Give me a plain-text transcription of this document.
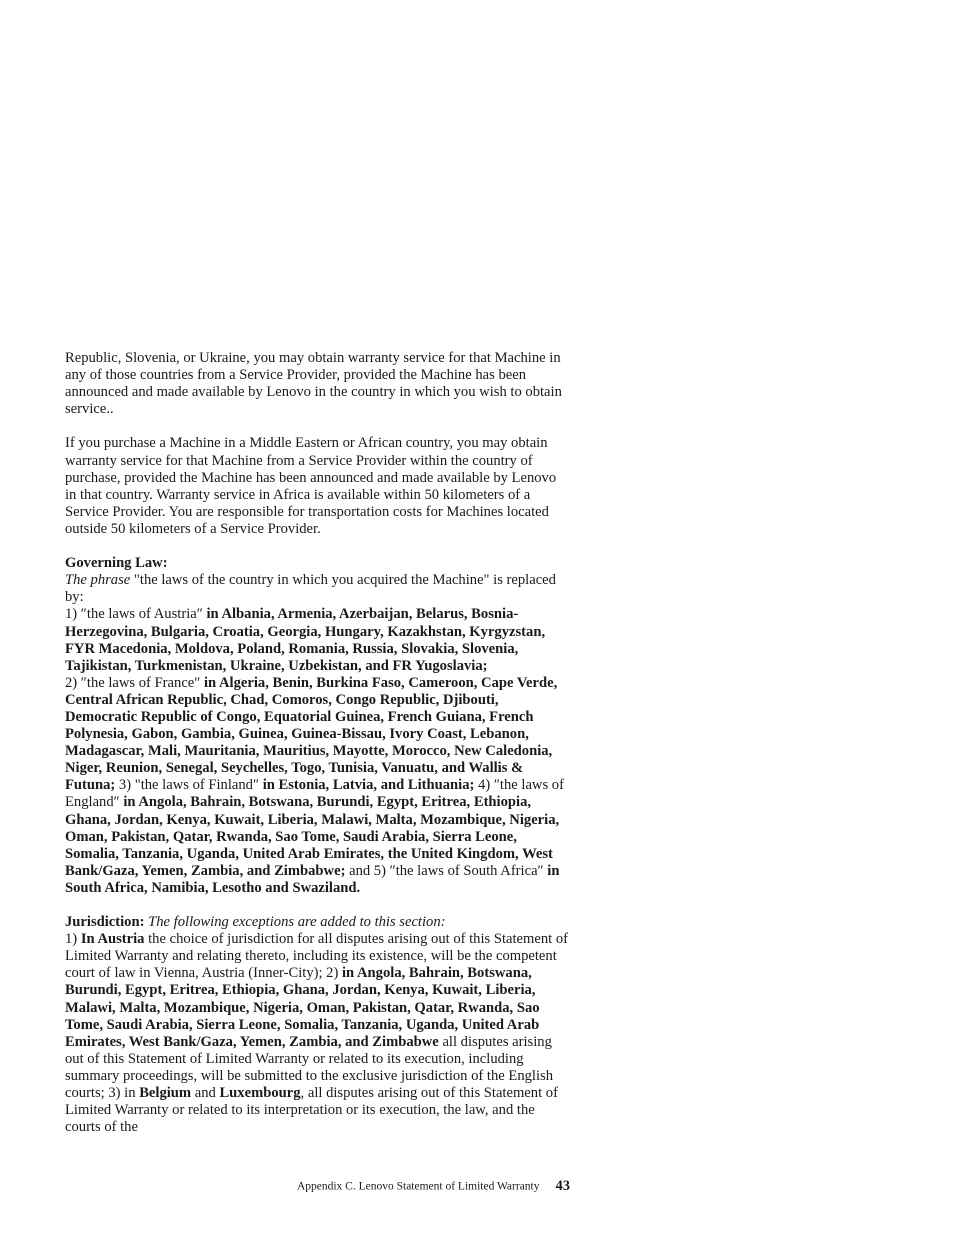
Republic, Slovenia, or Ukraine, you may obtain warranty service for that Machine in any of those countries from a Service Provider, provided the Machine has been announced and made available by Lenovo in the country in which you wish to obtain service..

If you purchase a Machine in a Middle Eastern or African country, you may obtain warranty service for that Machine from a Service Provider within the country of purchase, provided the Machine has been announced and made available by Lenovo in that country. Warranty service in Africa is available within 50 kilometers of a Service Provider. You are responsible for transportation costs for Machines located outside 50 kilometers of a Service Provider.

Governing Law:
The phrase "the laws of the country in which you acquired the Machine" is replaced by:
1) ″the laws of Austria″ in Albania, Armenia, Azerbaijan, Belarus, Bosnia-Herzegovina, Bulgaria, Croatia, Georgia, Hungary, Kazakhstan, Kyrgyzstan, FYR Macedonia, Moldova, Poland, Romania, Russia, Slovakia, Slovenia, Tajikistan, Turkmenistan, Ukraine, Uzbekistan, and FR Yugoslavia;
2) ″the laws of France″ in Algeria, Benin, Burkina Faso, Cameroon, Cape Verde, Central African Republic, Chad, Comoros, Congo Republic, Djibouti, Democratic Republic of Congo, Equatorial Guinea, French Guiana, French Polynesia, Gabon, Gambia, Guinea, Guinea-Bissau, Ivory Coast, Lebanon, Madagascar, Mali, Mauritania, Mauritius, Mayotte, Morocco, New Caledonia, Niger, Reunion, Senegal, Seychelles, Togo, Tunisia, Vanuatu, and Wallis & Futuna; 3) "the laws of Finland″ in Estonia, Latvia, and Lithuania; 4) ″the laws of England″ in Angola, Bahrain, Botswana, Burundi, Egypt, Eritrea, Ethiopia, Ghana, Jordan, Kenya, Kuwait, Liberia, Malawi, Malta, Mozambique, Nigeria, Oman, Pakistan, Qatar, Rwanda, Sao Tome, Saudi Arabia, Sierra Leone, Somalia, Tanzania, Uganda, United Arab Emirates, the United Kingdom, West Bank/Gaza, Yemen, Zambia, and Zimbabwe; and 5) ″the laws of South Africa″ in South Africa, Namibia, Lesotho and Swaziland.
Jurisdiction: The following exceptions are added to this section:
1) In Austria the choice of jurisdiction for all disputes arising out of this Statement of Limited Warranty and relating thereto, including its existence, will be the competent court of law in Vienna, Austria (Inner-City); 2) in Angola, Bahrain, Botswana, Burundi, Egypt, Eritrea, Ethiopia, Ghana, Jordan, Kenya, Kuwait, Liberia, Malawi, Malta, Mozambique, Nigeria, Oman, Pakistan, Qatar, Rwanda, Sao Tome, Saudi Arabia, Sierra Leone, Somalia, Tanzania, Uganda, United Arab Emirates, West Bank/Gaza, Yemen, Zambia, and Zimbabwe all disputes arising out of this Statement of Limited Warranty or related to its execution, including summary proceedings, will be submitted to the exclusive jurisdiction of the English courts; 3) in Belgium and Luxembourg, all disputes arising out of this Statement of Limited Warranty or related to its interpretation or its execution, the law, and the courts of the
Appendix C. Lenovo Statement of Limited Warranty 43
